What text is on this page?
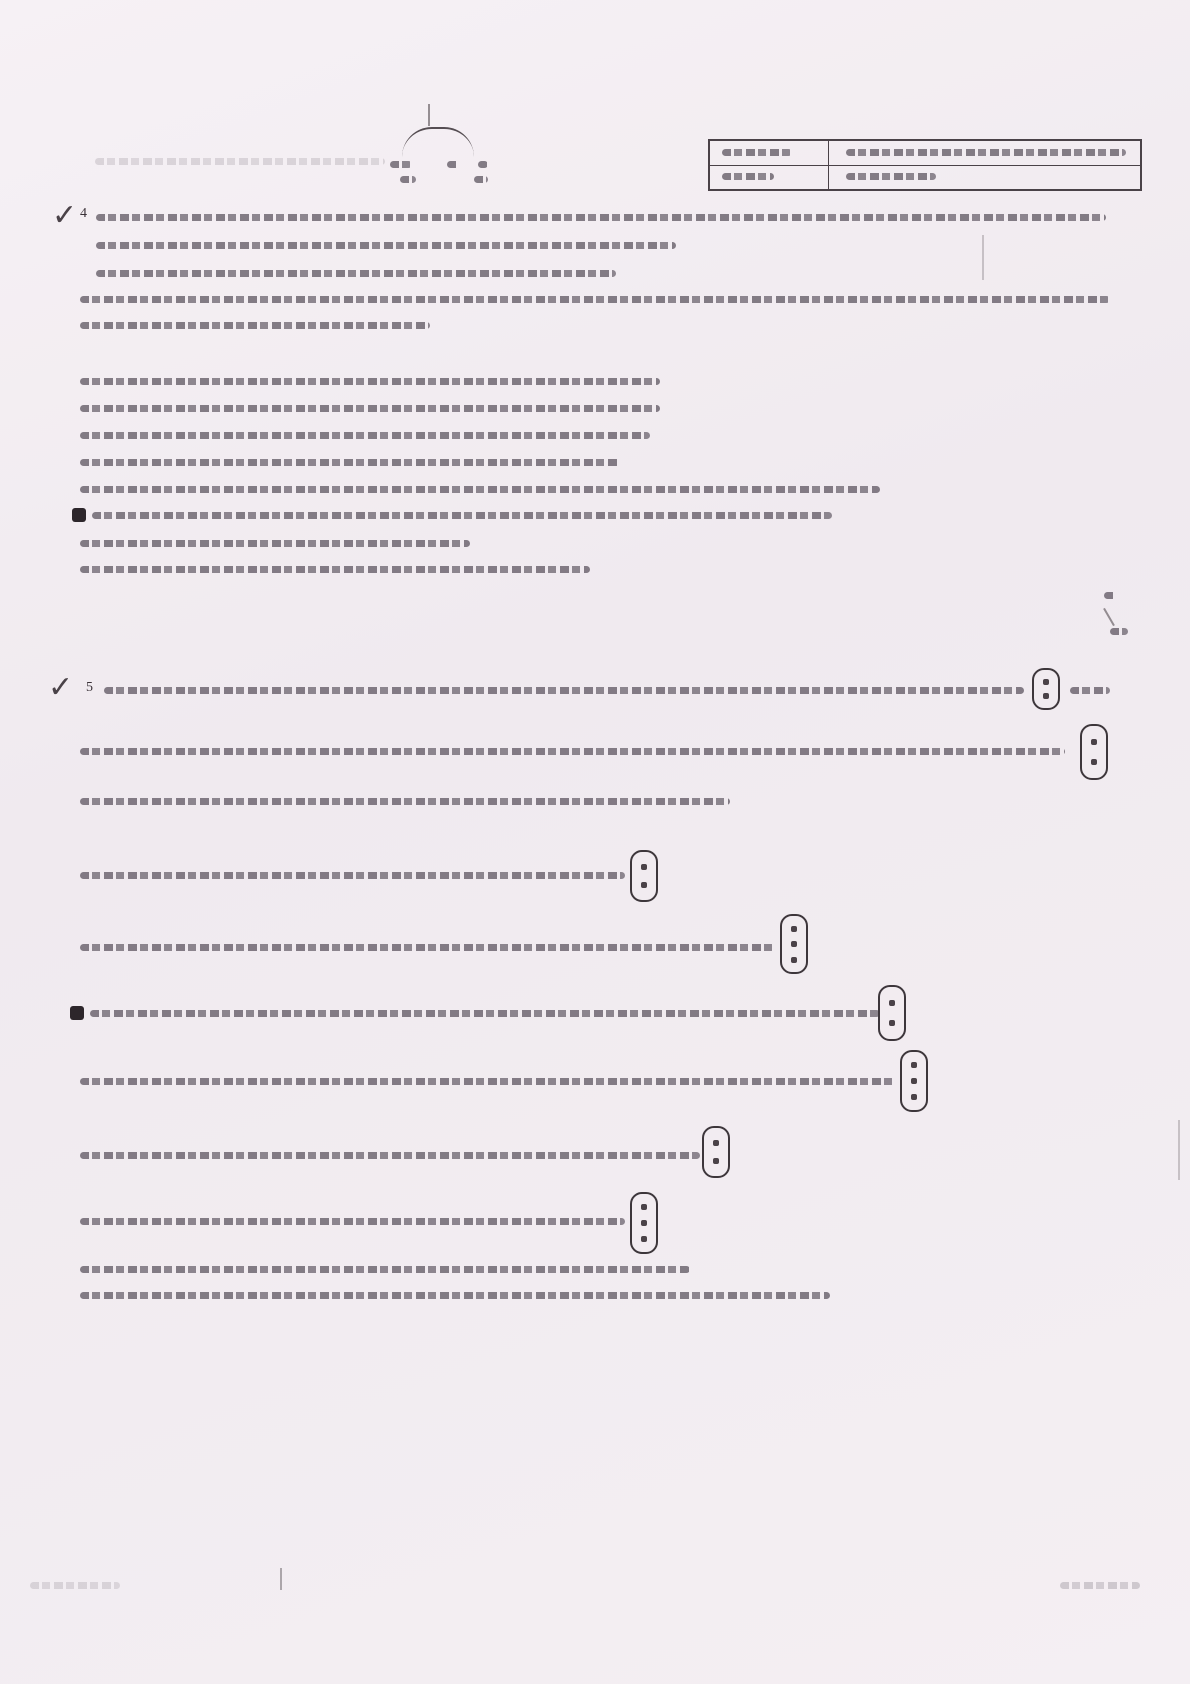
✓ 4
✓ 5
